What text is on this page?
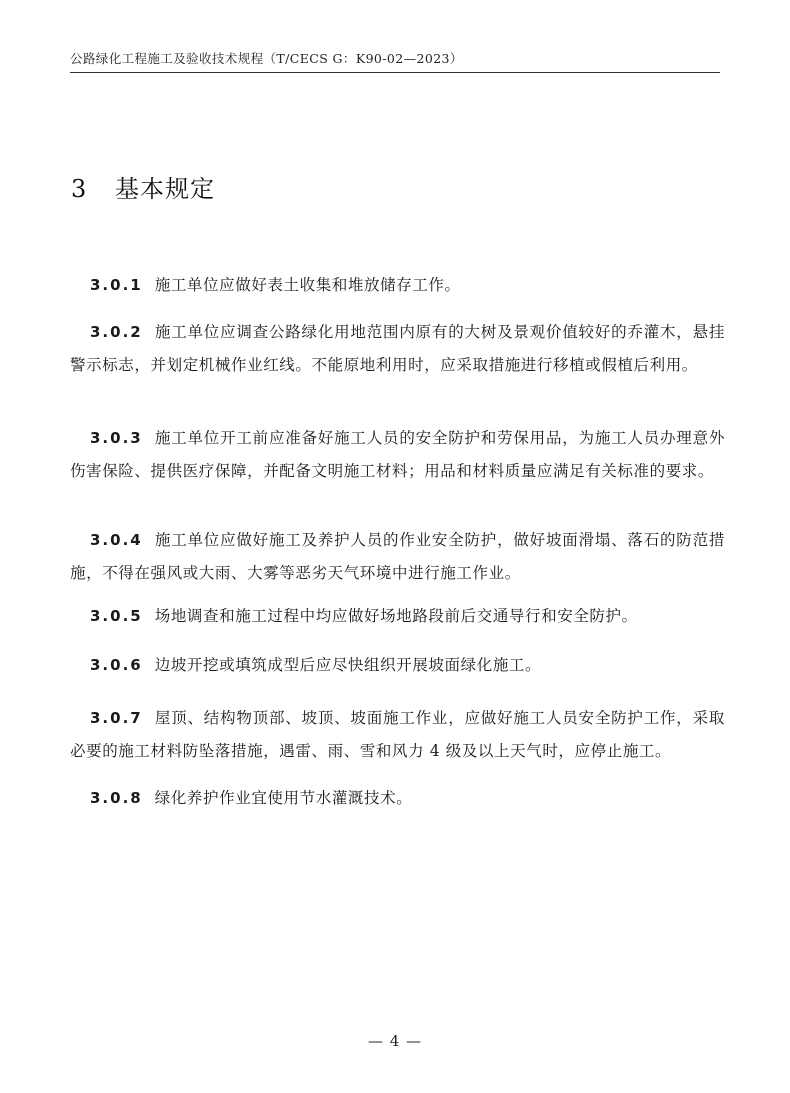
公路绿化工程施工及验收技术规程（T/CECS G：K90-02—2023）
3 基本规定

3.0.1 施工单位应做好表土收集和堆放储存工作。

3.0.2 施工单位应调查公路绿化用地范围内原有的大树及景观价值较好的乔灌木，悬挂警示标志，并划定机械作业红线。不能原地利用时，应采取措施进行移植或假植后利用。

3.0.3 施工单位开工前应准备好施工人员的安全防护和劳保用品，为施工人员办理意外伤害保险、提供医疗保障，并配备文明施工材料；用品和材料质量应满足有关标准的要求。

3.0.4 施工单位应做好施工及养护人员的作业安全防护，做好坡面滑塌、落石的防范措施，不得在强风或大雨、大雾等恶劣天气环境中进行施工作业。

3.0.5 场地调查和施工过程中均应做好场地路段前后交通导行和安全防护。

3.0.6 边坡开挖或填筑成型后应尽快组织开展坡面绿化施工。

3.0.7 屋顶、结构物顶部、坡顶、坡面施工作业，应做好施工人员安全防护工作，采取必要的施工材料防坠落措施，遇雷、雨、雪和风力 4 级及以上天气时，应停止施工。

3.0.8 绿化养护作业宜使用节水灌溉技术。

— 4 —
